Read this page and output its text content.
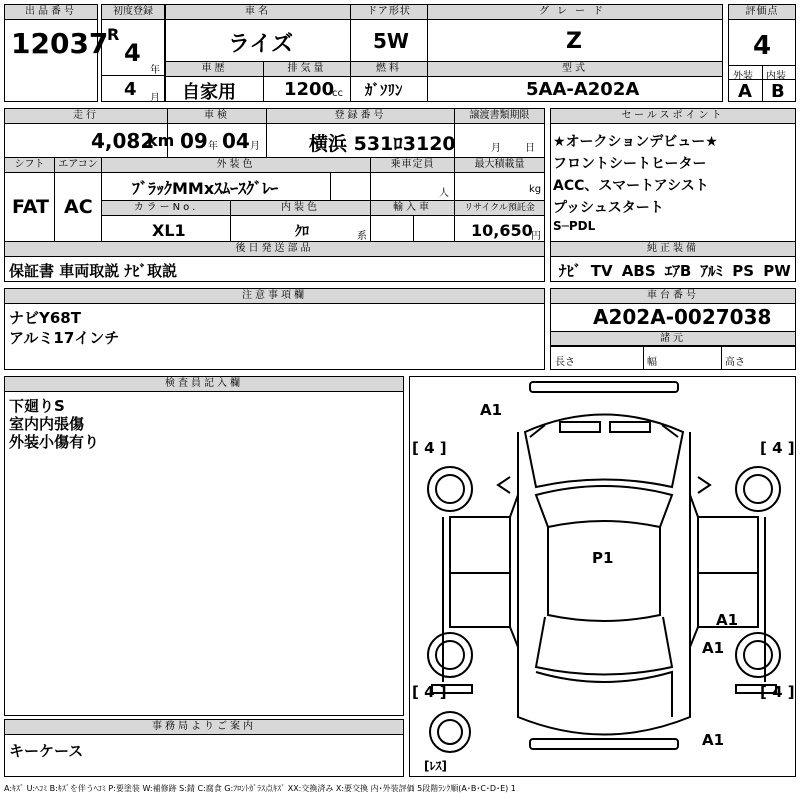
出品番号
12037
初度登録
R
4
年
4 月
車名
ライズ
ドア形状
5W
グレード
Z
評価点
4
外装 内装
A B
車歴
自家用
排気量
1200
cc
燃料
ｶﾞｿﾘﾝ
型式
5AA-A202A
走行
4,082
km
車検
09 年 04 月
登録番号
横浜 531ﾛ3120
譲渡書類期限
月 日
シフト
FAT
エアコン
AC
外装色
ﾌﾞﾗｯｸMMxｽﾑｰｽｸﾞﾚｰ
乗車定員
人
最大積載量
kg
カラーNo.
XL1
内装色
ｸﾛ	系
輸入車	リサイクル預託金
10,650
円
後日発送部品
保証書 車両取説 ﾅﾋﾞ取説
セールスポイント
★オークションデビュー★
フロントシートヒーター
ACC、スマートアシスト
プッシュスタート
S─PDL
純正装備
ﾅﾋﾞ TV ABS ｴｱB ｱﾙﾐ PS PW
注意事項欄
ナビY68T
アルミ17インチ
車台番号
A202A-0027038
諸元
長さ	幅	高さ
検査員記入欄
下廻りS
室内内張傷
外装小傷有り
事務局よりご案内
キーケース
A1
[ 4 ]	[ 4 ]
P1
A1
A1
[ 4 ]	[ 4 ]
A1
[ﾚｽ]
A:ｷｽﾞ U:ﾍｺﾐ B:ｷｽﾞを伴うﾍｺﾐ P:要塗装 W:補修跡 S:錆 C:腐食 G:ﾌﾛﾝﾄｶﾞﾗｽ点ｷｽﾞ XX:交換済み X:要交換 内･外装評価 5段階ﾗﾝｸ順(A･B･C･D･E) 1
